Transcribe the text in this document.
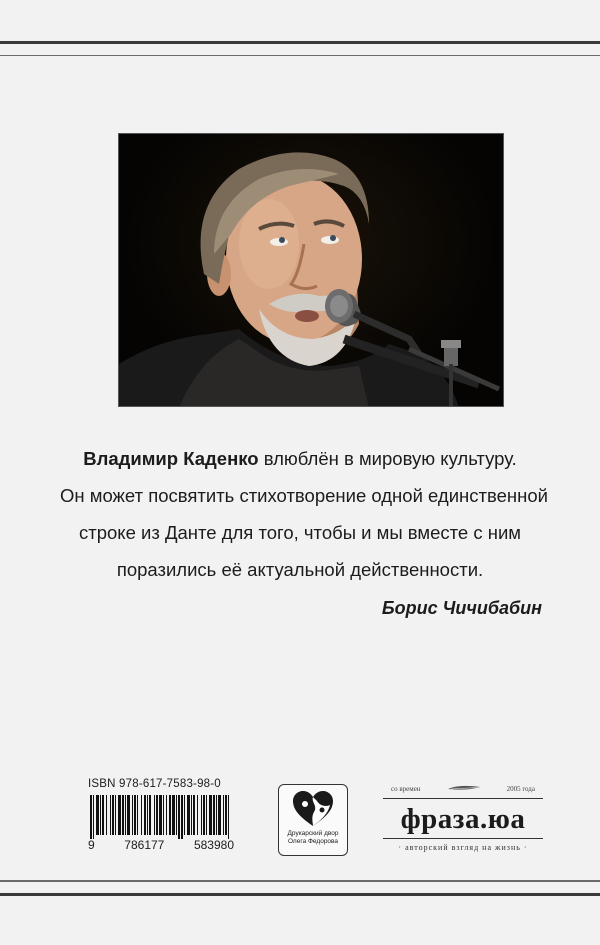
Владимир Каденко влюблён в мировую культуру.
Он может посвятить стихотворение одной единственной
строке из Данте для того, чтобы и мы вместе с ним
поразились её актуальной действенности.
Борис Чичибабин
ISBN 978-617-7583-98-0
9 786177 583980
Друкарский двор
Олега Федорова
со времен	2005 года
фраза.юа
· авторский взгляд на жизнь ·
